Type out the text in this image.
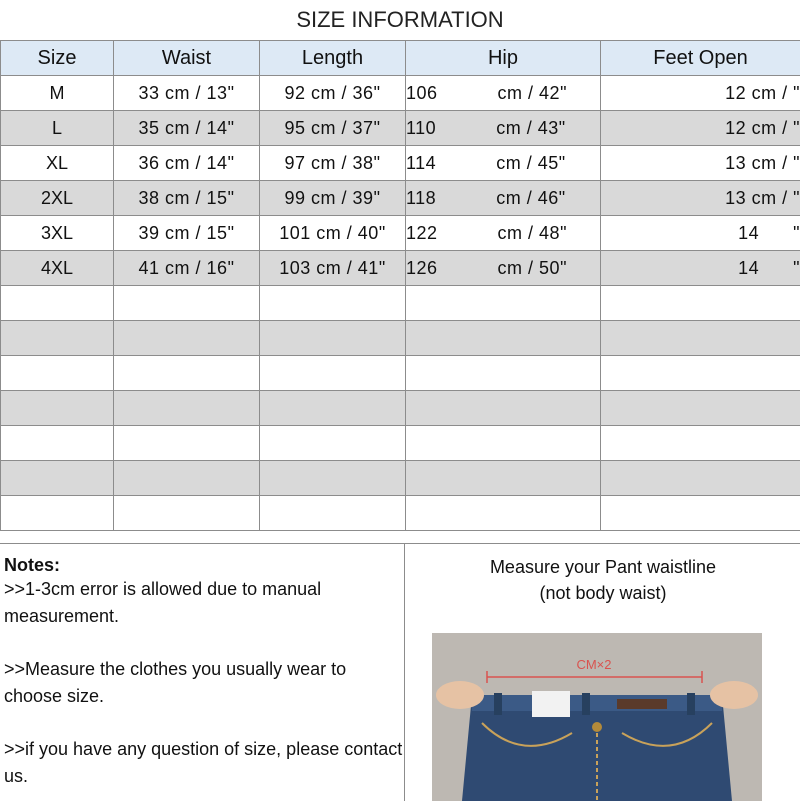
SIZE INFORMATION
Size	Waist	Length	Hip	Feet Open
M	33 cm / 13"	92 cm / 36"	106 cm / 42"	12 cm / "
L	35 cm / 14"	95 cm / 37"	110 cm / 43"	12 cm / "
XL	36 cm / 14"	97 cm / 38"	114 cm / 45"	13 cm / "
2XL	38 cm / 15"	99 cm / 39"	118 cm / 46"	13 cm / "
3XL	39 cm / 15"	101 cm / 40"	122 cm / 48"	14 "
4XL	41 cm / 16"	103 cm / 41"	126 cm / 50"	14 "

Notes:

>>1-3cm error is allowed due to manual measurement.

>>Measure the clothes you usually wear to choose size.

>>if you have any question of size, please contact us.

Measure your Pant waistline
(not body waist)
CM×2
